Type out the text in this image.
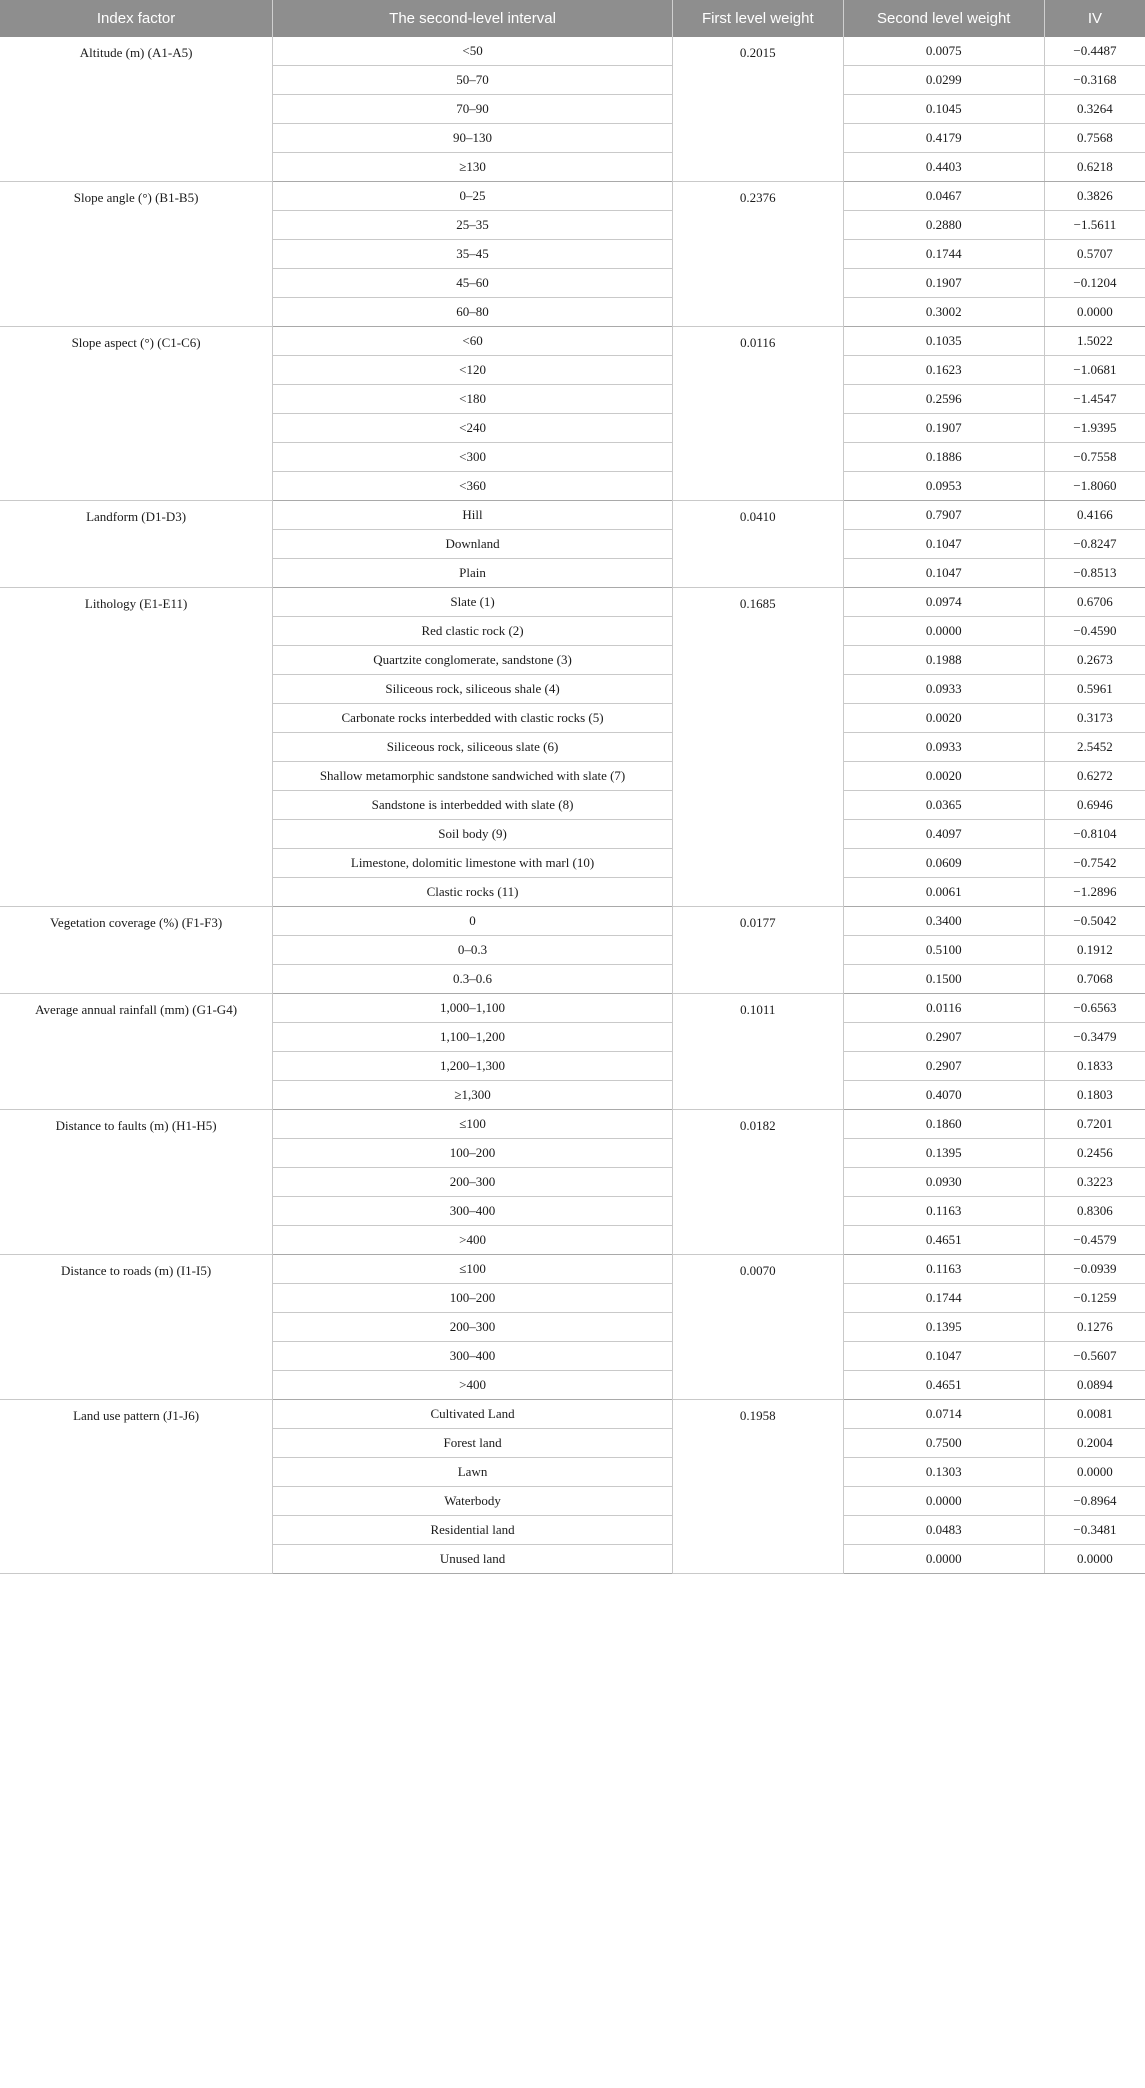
Index factor	The second-level interval	First level weight	Second level weight	IV
Altitude (m) (A1-A5)	<50	0.2015	0.0075	−0.4487
	50–70		0.0299	−0.3168
	70–90		0.1045	0.3264
	90–130		0.4179	0.7568
	≥130		0.4403	0.6218
Slope angle (°) (B1-B5)	0–25	0.2376	0.0467	0.3826
	25–35		0.2880	−1.5611
	35–45		0.1744	0.5707
	45–60		0.1907	−0.1204
	60–80		0.3002	0.0000
Slope aspect (°) (C1-C6)	<60	0.0116	0.1035	1.5022
	<120		0.1623	−1.0681
	<180		0.2596	−1.4547
	<240		0.1907	−1.9395
	<300		0.1886	−0.7558
	<360		0.0953	−1.8060
Landform (D1-D3)	Hill	0.0410	0.7907	0.4166
	Downland		0.1047	−0.8247
	Plain		0.1047	−0.8513
Lithology (E1-E11)	Slate (1)	0.1685	0.0974	0.6706
	Red clastic rock (2)		0.0000	−0.4590
	Quartzite conglomerate, sandstone (3)		0.1988	0.2673
	Siliceous rock, siliceous shale (4)		0.0933	0.5961
	Carbonate rocks interbedded with clastic rocks (5)		0.0020	0.3173
	Siliceous rock, siliceous slate (6)		0.0933	2.5452
	Shallow metamorphic sandstone sandwiched with slate (7)		0.0020	0.6272
	Sandstone is interbedded with slate (8)		0.0365	0.6946
	Soil body (9)		0.4097	−0.8104
	Limestone, dolomitic limestone with marl (10)		0.0609	−0.7542
	Clastic rocks (11)		0.0061	−1.2896
Vegetation coverage (%) (F1-F3)	0	0.0177	0.3400	−0.5042
	0–0.3		0.5100	0.1912
	0.3–0.6		0.1500	0.7068
Average annual rainfall (mm) (G1-G4)	1,000–1,100	0.1011	0.0116	−0.6563
	1,100–1,200		0.2907	−0.3479
	1,200–1,300		0.2907	0.1833
	≥1,300		0.4070	0.1803
Distance to faults (m) (H1-H5)	≤100	0.0182	0.1860	0.7201
	100–200		0.1395	0.2456
	200–300		0.0930	0.3223
	300–400		0.1163	0.8306
	>400		0.4651	−0.4579
Distance to roads (m) (I1-I5)	≤100	0.0070	0.1163	−0.0939
	100–200		0.1744	−0.1259
	200–300		0.1395	0.1276
	300–400		0.1047	−0.5607
	>400		0.4651	0.0894
Land use pattern (J1-J6)	Cultivated Land	0.1958	0.0714	0.0081
	Forest land		0.7500	0.2004
	Lawn		0.1303	0.0000
	Waterbody		0.0000	−0.8964
	Residential land		0.0483	−0.3481
	Unused land		0.0000	0.0000
